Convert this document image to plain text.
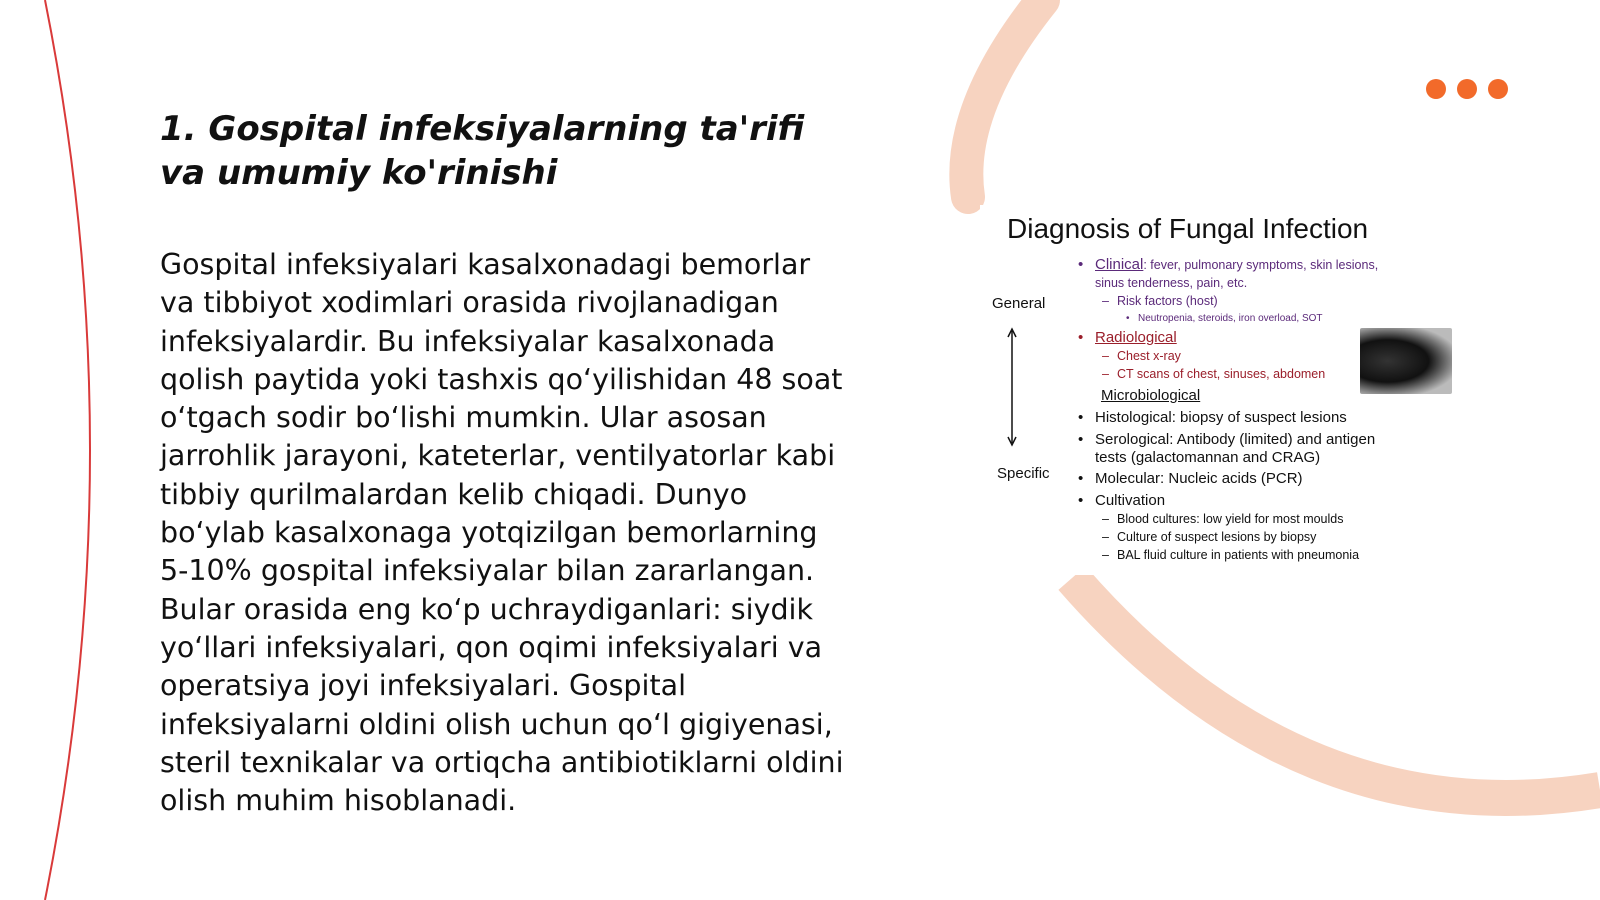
1. Gospital infeksiyalarning ta'rifi va umumiy ko'rinishi

Gospital infeksiyalari kasalxonadagi bemorlar va tibbiyot xodimlari orasida rivojlanadigan infeksiyalardir. Bu infeksiyalar kasalxonada qolish paytida yoki tashxis qo‘yilishidan 48 soat o‘tgach sodir bo‘lishi mumkin. Ular asosan jarrohlik jarayoni, kateterlar, ventilyatorlar kabi tibbiy qurilmalardan kelib chiqadi. Dunyo bo‘ylab kasalxonaga yotqizilgan bemorlarning 5-10% gospital infeksiyalar bilan zararlangan. Bular orasida eng ko‘p uchraydiganlari: siydik yo‘llari infeksiyalari, qon oqimi infeksiyalari va operatsiya joyi infeksiyalari. Gospital infeksiyalarni oldini olish uchun qo‘l gigiyenasi, steril texnikalar va ortiqcha antibiotiklarni oldini olish muhim hisoblanadi.

Diagnosis of Fungal Infection
General
Specific
• Clinical: fever, pulmonary symptoms, skin lesions,
sinus tenderness, pain, etc.
– Risk factors (host)
• Neutropenia, steroids, iron overload, SOT
• Radiological
– Chest x-ray
– CT scans of chest, sinuses, abdomen
Microbiological
• Histological: biopsy of suspect lesions
• Serological: Antibody (limited) and antigen
tests (galactomannan and CRAG)
• Molecular: Nucleic acids (PCR)
• Cultivation
– Blood cultures: low yield for most moulds
– Culture of suspect lesions by biopsy
– BAL fluid culture in patients with pneumonia
